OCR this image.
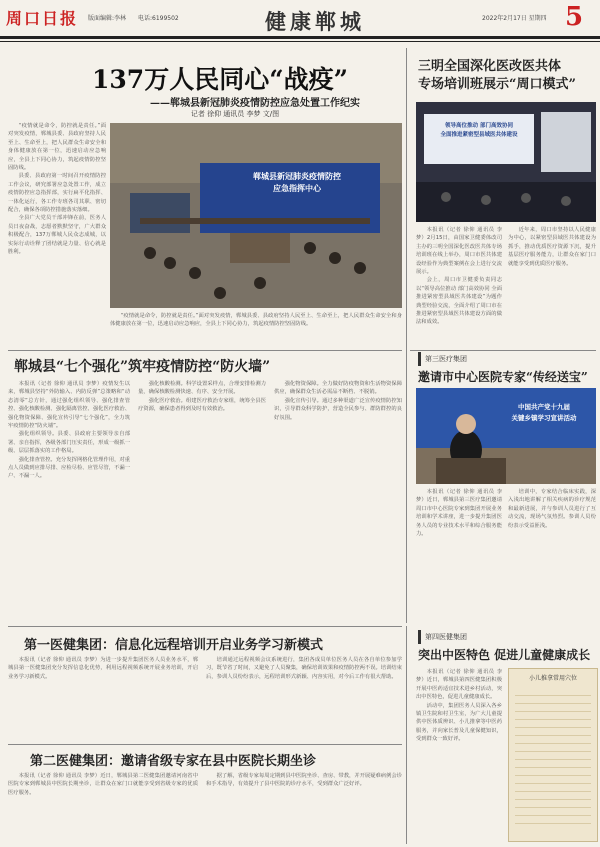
周口日报 版面编辑:李林 电话:6199502	健康郸城	2022年2月17日 星期四 5
137万人民同心“战疫”
——郸城县新冠肺炎疫情防控应急处置工作纪实
记者 徐仰 通讯员 李梦 文/图

“疫情就是命令，防控就是责任。”面对突发疫情，郸城县委、县政府坚持人民至上、生命至上，把人民群众生命安全和身体健康放在第一位，迅速启动应急响应，全县上下同心协力，筑起疫情防控坚固防线。

县委、县政府第一时间召开疫情防控工作会议，研究部署应急处置工作，成立疫情防控应急指挥部，实行扁平化指挥、一体化运行，各工作专班各司其职、密切配合，确保各项防控措施落实落细。

全县广大党员干部冲锋在前，医务人员日夜奋战，志愿者默默坚守，广大群众积极配合，137万郸城人民众志成城，以实际行动诠释了团结就是力量、信心就是胜利。

郸城县新冠肺炎疫情防控
应急指挥中心

“疫情就是命令，防控就是责任。”面对突发疫情，郸城县委、县政府坚持人民至上、生命至上，把人民群众生命安全和身体健康放在第一位，迅速启动应急响应，全县上下同心协力，筑起疫情防控坚固防线。

三明全国深化医改医共体
专场培训班展示“周口模式”
领导高位推动 部门高效协同
全面推进紧密型县域医共体建设

本报讯（记者 徐仰 通讯员 李梦）2月15日，由国家卫健委体改司主办的三明全国深化医改医共体专场培训班在线上举办，周口市医共体建设经验作为典型案例在会上进行交流展示。

会上，周口市卫健委负责同志以“领导高位推动 部门高效协同 全面推进紧密型县域医共体建设”为题作典型经验交流，全面介绍了周口市在推进紧密型县域医共体建设方面的做法和成效。

近年来，周口市坚持以人民健康为中心，以紧密型县域医共体建设为抓手，推动优质医疗资源下沉，提升基层医疗服务能力，让群众在家门口就能享受到优质医疗服务。

第三医疗集团
邀请市中心医院专家“传经送宝”
中国共产党十九届
关键乡镇学习宣讲活动

本报讯（记者 徐仰 通讯员 李梦）近日，郸城县第三医疗集团邀请周口市中心医院专家到集团开展业务培训和学术讲座，进一步提升集团医务人员的专业技术水平和综合服务能力。

培训中，专家结合临床实践，深入浅出地讲解了相关疾病的诊疗规范和最新进展，并与参训人员进行了互动交流，现场气氛热烈。参训人员纷纷表示受益匪浅。

郸城县“七个强化”筑牢疫情防控“防火墙”

本报讯（记者 徐仰 通讯员 李梦）疫情发生以来，郸城县坚持“外防输入、内防反弹”总策略和“动态清零”总方针，通过强化组织领导、强化排查管控、强化核酸检测、强化隔离管控、强化医疗救治、强化物资保障、强化宣传引导“七个强化”，全力筑牢疫情防控“防火墙”。

强化组织领导。县委、县政府主要领导亲自部署、亲自指挥，各级各部门压实责任，形成一级抓一级、层层抓落实的工作格局。

强化排查管控。充分发挥网格化管理作用，对重点人员做到应排尽排、应检尽检、应管尽管，不漏一户、不漏一人。

强化核酸检测。科学设置采样点，合理安排检测力量，确保核酸检测快速、有序、安全开展。

强化医疗救治。组建医疗救治专家组，统筹全县医疗资源，确保患者得到及时有效救治。

强化物资保障。全力做好防疫物资和生活物资保障供应，确保群众生活必需品不断档、不脱销。

强化宣传引导。通过多种渠道广泛宣传疫情防控知识，引导群众科学防护，营造全民参与、群防群控的良好氛围。

第一医健集团：信息化远程培训开启业务学习新模式

本报讯（记者 徐仰 通讯员 李梦）为进一步提升集团医务人员业务水平，郸城县第一医健集团充分发挥信息化优势，利用远程视频系统开展业务培训，开启业务学习新模式。

培训通过远程视频会议系统进行，集团各成员单位医务人员在各自单位参加学习，既节省了时间，又避免了人员聚集，确保培训效果和疫情防控两不误。培训结束后，参训人员纷纷表示，远程培训形式新颖、内容实用，对今后工作有很大帮助。

第二医健集团：邀请省级专家在县中医院长期坐诊

本报讯（记者 徐仰 通讯员 李梦）近日，郸城县第二医健集团邀请河南省中医院专家到郸城县中医院长期坐诊，让群众在家门口就能享受到省级专家的优质医疗服务。

据了解，省级专家每周定期到县中医院坐诊、查房、带教，并开展疑难病例会诊和手术指导，有效提升了县中医院的诊疗水平，受到群众广泛好评。

第四医健集团
突出中医特色 促进儿童健康成长

本报讯（记者 徐仰 通讯员 李梦）近日，郸城县第四医健集团积极开展中医药适宜技术进乡村活动，突出中医特色，促进儿童健康成长。

活动中，集团医务人员深入各乡镇卫生院和村卫生室，为广大儿童提供中医体质辨识、小儿推拿等中医药服务，并向家长普及儿童保健知识，受到群众一致好评。

小儿推拿常用穴位
